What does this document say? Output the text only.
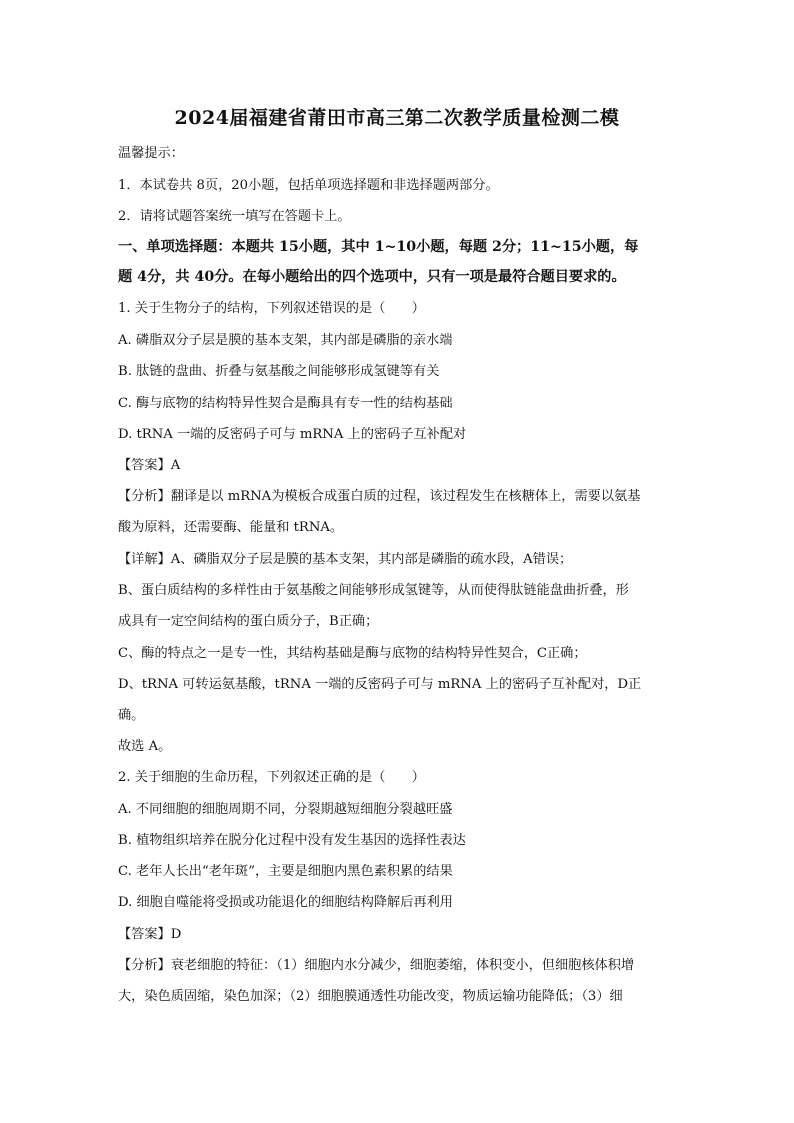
2024届福建省莆田市高三第二次教学质量检测二模
温馨提示：
1．本试卷共 8页，20小题，包括单项选择题和非选择题两部分。
2．请将试题答案统一填写在答题卡上。
一、单项选择题：本题共 15小题，其中 1~10小题，每题 2分；11~15小题，每
题 4分，共 40分。在每小题给出的四个选项中，只有一项是最符合题目要求的。
1. 关于生物分子的结构，下列叙述错误的是（　　）
A. 磷脂双分子层是膜的基本支架，其内部是磷脂的亲水端
B. 肽链的盘曲、折叠与氨基酸之间能够形成氢键等有关
C. 酶与底物的结构特异性契合是酶具有专一性的结构基础
D. tRNA 一端的反密码子可与 mRNA 上的密码子互补配对
【答案】A
【分析】翻译是以 mRNA为模板合成蛋白质的过程，该过程发生在核糖体上，需要以氨基
酸为原料，还需要酶、能量和 tRNA。
【详解】A、磷脂双分子层是膜的基本支架，其内部是磷脂的疏水段，A错误；
B、蛋白质结构的多样性由于氨基酸之间能够形成氢键等，从而使得肽链能盘曲折叠，形
成具有一定空间结构的蛋白质分子，B正确；
C、酶的特点之一是专一性，其结构基础是酶与底物的结构特异性契合，C正确；
D、tRNA 可转运氨基酸，tRNA 一端的反密码子可与 mRNA 上的密码子互补配对，D正
确。
故选 A。
2. 关于细胞的生命历程，下列叙述正确的是（　　）
A. 不同细胞的细胞周期不同，分裂期越短细胞分裂越旺盛
B. 植物组织培养在脱分化过程中没有发生基因的选择性表达
C. 老年人长出“老年斑”，主要是细胞内黑色素积累的结果
D. 细胞自噬能将受损或功能退化的细胞结构降解后再利用
【答案】D
【分析】衰老细胞的特征：（1）细胞内水分减少，细胞萎缩，体积变小，但细胞核体积增
大，染色质固缩，染色加深；（2）细胞膜通透性功能改变，物质运输功能降低；（3）细
